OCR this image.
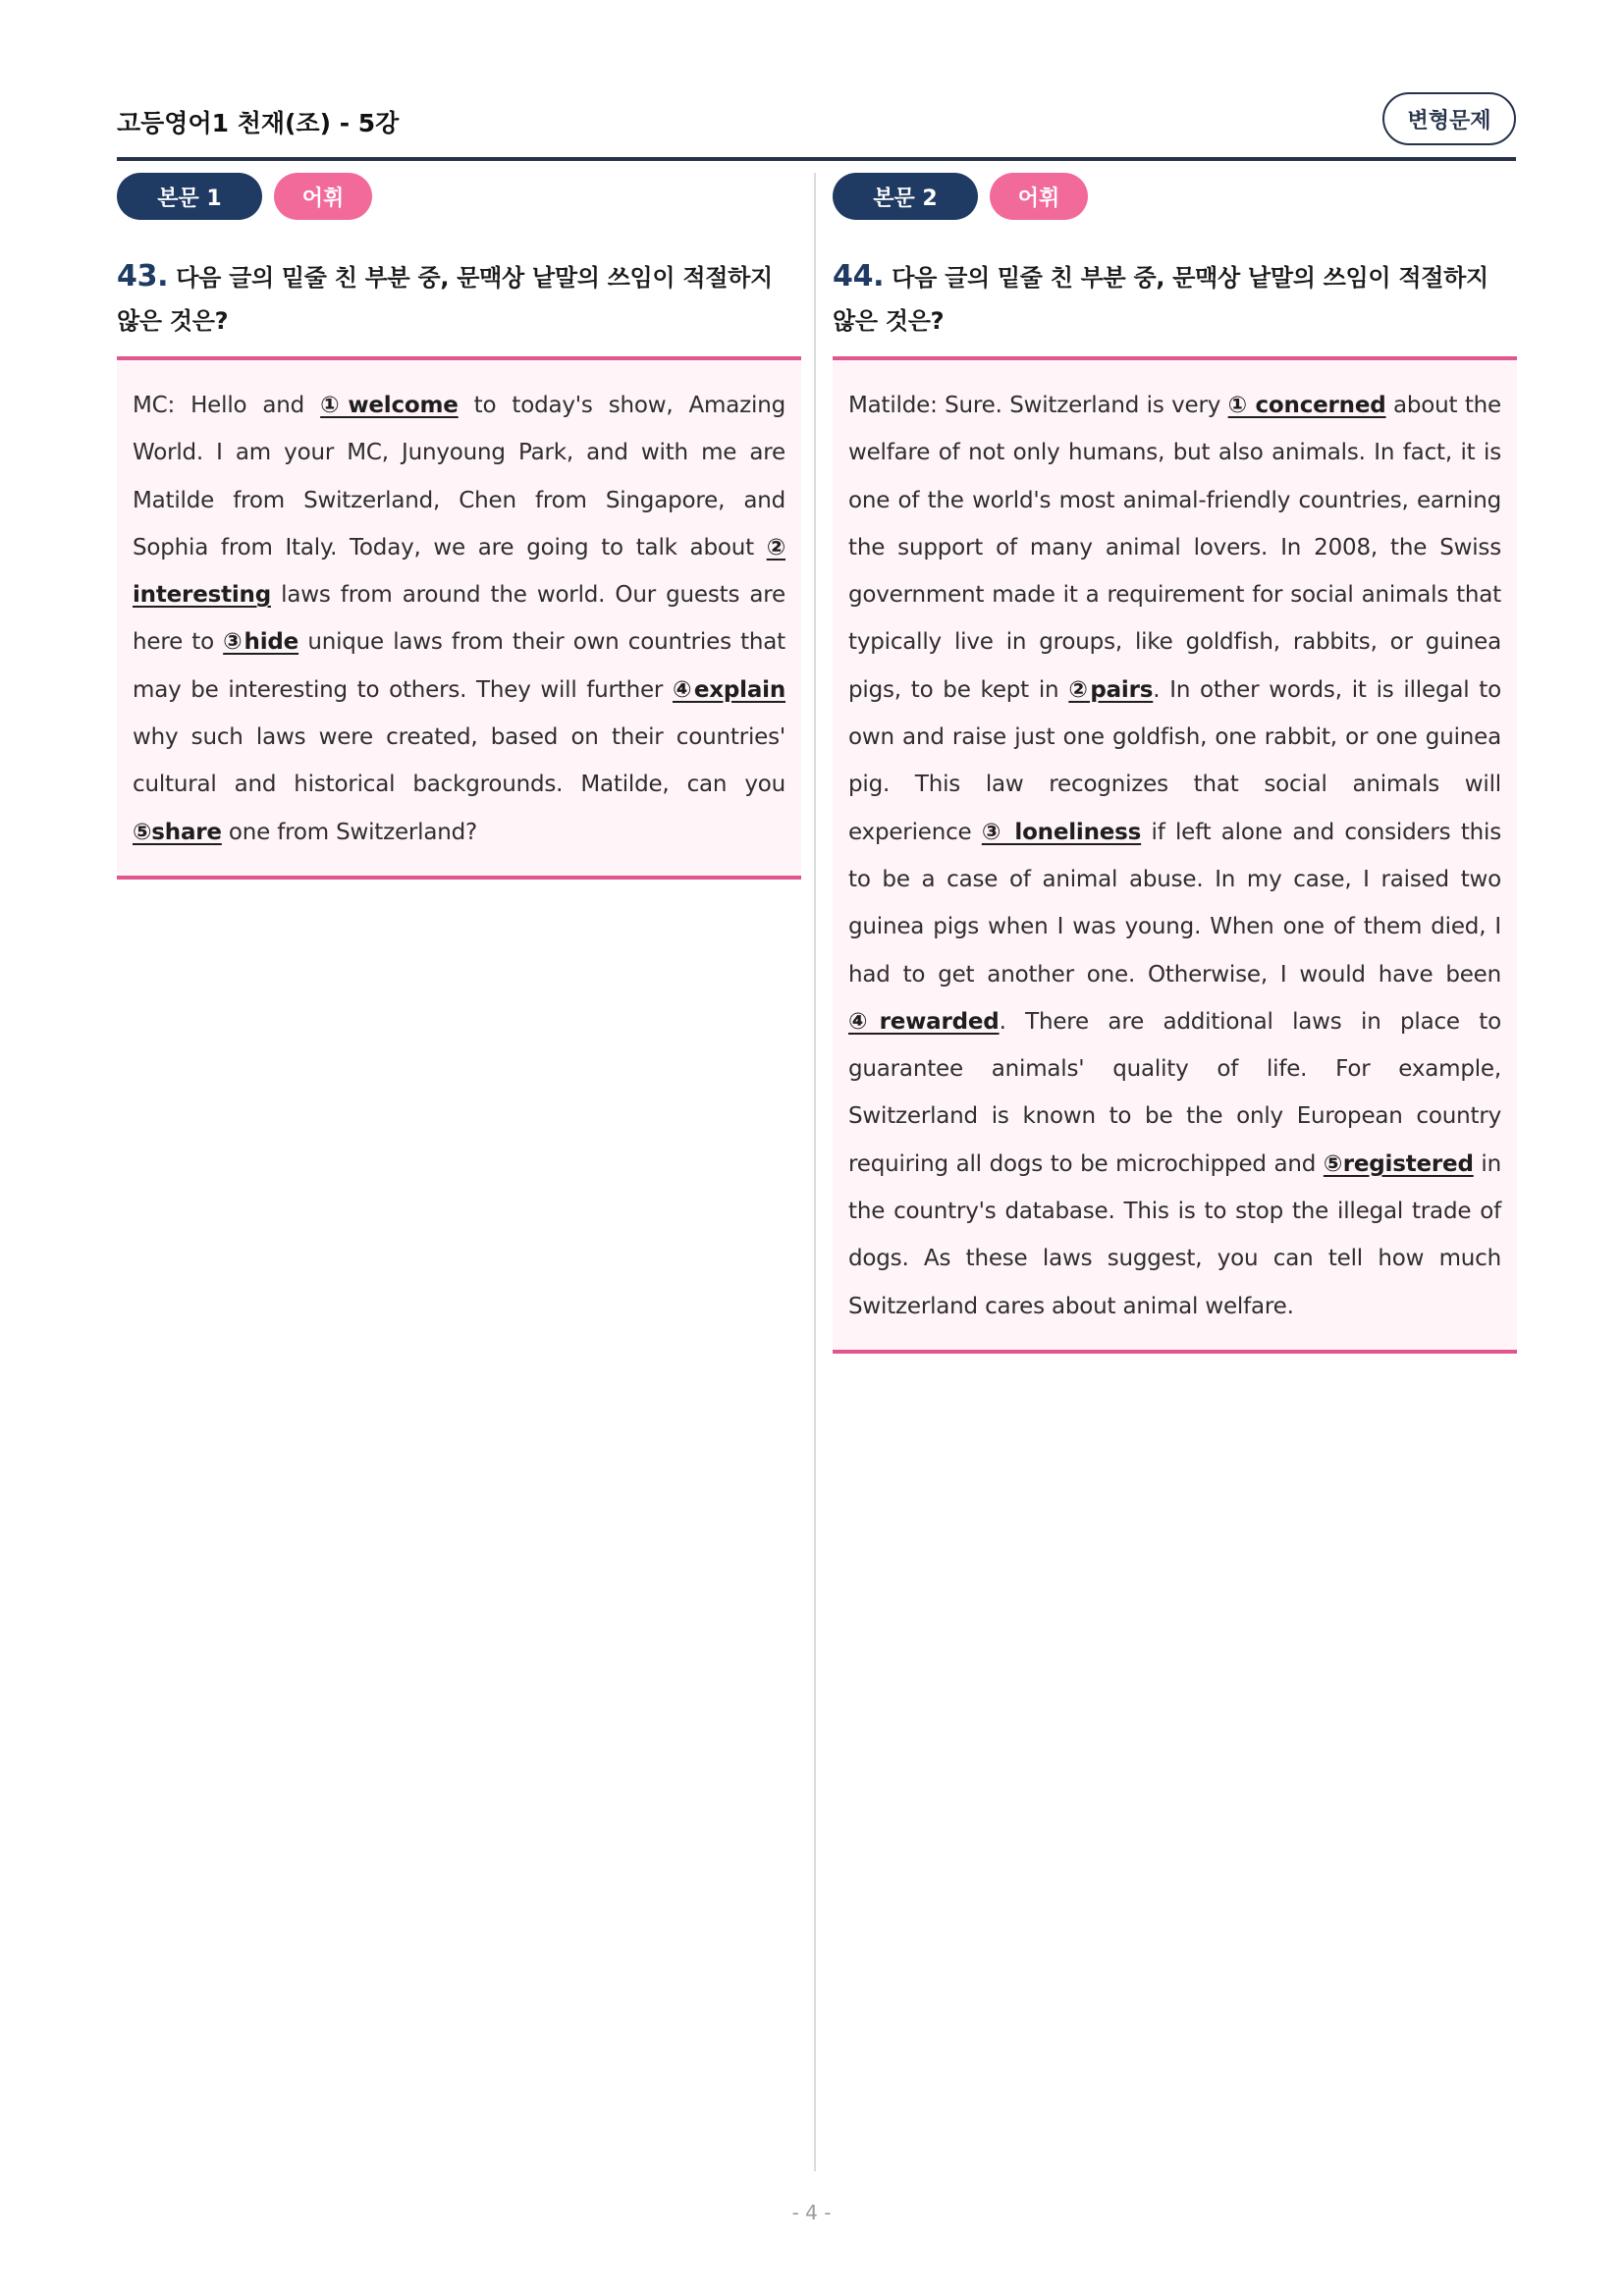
고등영어1 천재(조) - 5강	변형문제
본문 1	어휘
43. 다음 글의 밑줄 친 부분 중, 문맥상 낱말의 쓰임이 적절하지 않은 것은?

MC: Hello and ①welcome to today's show, Amazing World. I am your MC, Junyoung Park, and with me are Matilde from Switzerland, Chen from Singapore, and Sophia from Italy. Today, we are going to talk about ② interesting laws from around the world. Our guests are here to ③hide unique laws from their own countries that may be interesting to others. They will further ④explain why such laws were created, based on their countries' cultural and historical backgrounds. Matilde, can you ⑤share one from Switzerland?

본문 2	어휘
44. 다음 글의 밑줄 친 부분 중, 문맥상 낱말의 쓰임이 적절하지 않은 것은?

Matilde: Sure. Switzerland is very ① concerned about the welfare of not only humans, but also animals. In fact, it is one of the world's most animal-friendly countries, earning the support of many animal lovers. In 2008, the Swiss government made it a requirement for social animals that typically live in groups, like goldfish, rabbits, or guinea pigs, to be kept in ②pairs. In other words, it is illegal to own and raise just one goldfish, one rabbit, or one guinea pig. This law recognizes that social animals will experience ③ loneliness if left alone and considers this to be a case of animal abuse. In my case, I raised two guinea pigs when I was young. When one of them died, I had to get another one. Otherwise, I would have been ④rewarded. There are additional laws in place to guarantee animals' quality of life. For example, Switzerland is known to be the only European country requiring all dogs to be microchipped and ⑤registered in the country's database. This is to stop the illegal trade of dogs. As these laws suggest, you can tell how much Switzerland cares about animal welfare.

- 4 -
